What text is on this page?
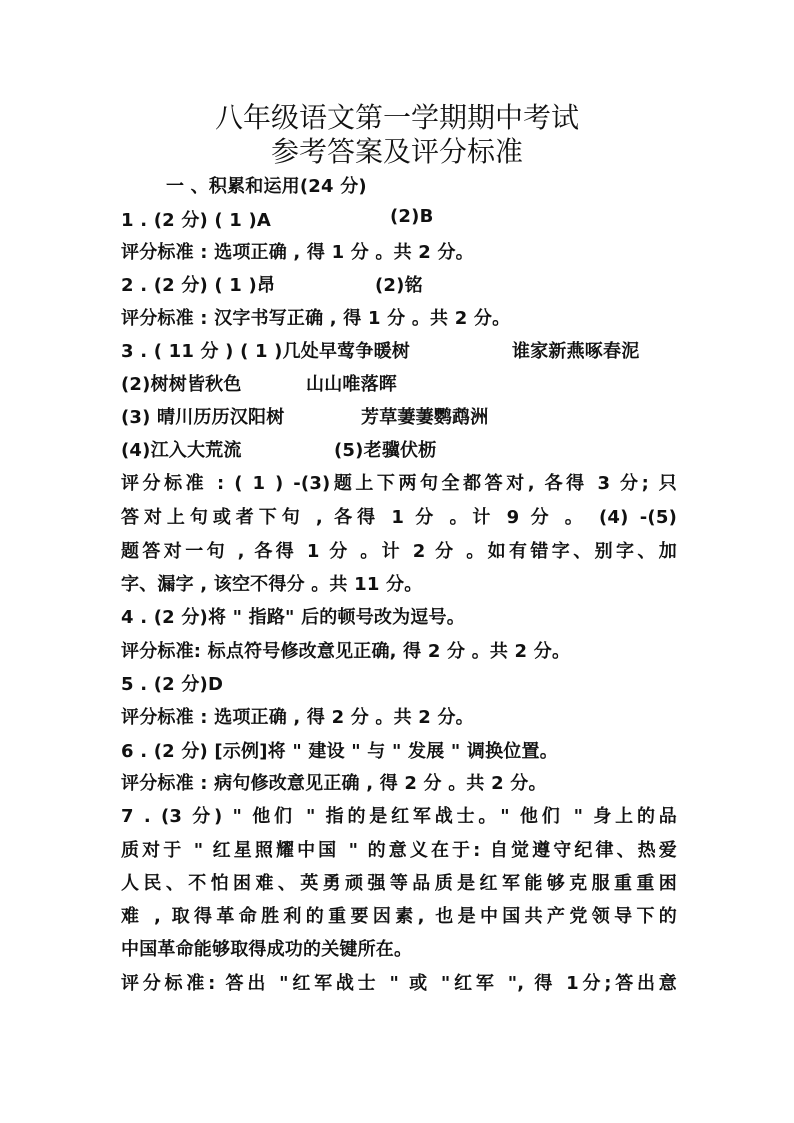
八年级语文第一学期期中考试
参考答案及评分标准
一 、积累和运用(24 分)
1 . (2 分) ( 1 )A	(2)B
评分标准 : 选项正确 , 得 1 分 。共 2 分。
2 . (2 分) ( 1 )昂	(2)铭
评分标准 : 汉字书写正确 , 得 1 分 。共 2 分。
3 . ( 11 分 ) ( 1 )几处早莺争暖树	谁家新燕啄春泥
(2)树树皆秋色	山山唯落晖
(3) 晴川历历汉阳树	芳草萋萋鹦鹉洲
(4)江入大荒流	(5)老骥伏枥
评分标准 : ( 1 ) -(3)题上下两句全都答对, 各得 3 分; 只
答对上句或者下句 , 各得 1 分 。计 9 分 。 (4) -(5)
题答对一句 , 各得 1 分 。计 2 分 。如有错字、别字、加
字、漏字 , 该空不得分 。共 11 分。
4 . (2 分)将 " 指路" 后的顿号改为逗号。
评分标准: 标点符号修改意见正确, 得 2 分 。共 2 分。
5 . (2 分)D
评分标准 : 选项正确 , 得 2 分 。共 2 分。
6 . (2 分) [示例]将 " 建设 " 与 " 发展 " 调换位置。
评分标准 : 病句修改意见正确 , 得 2 分 。共 2 分。
7 . (3 分) " 他们 " 指的是红军战士。" 他们 " 身上的品
质对于 " 红星照耀中国 " 的意义在于: 自觉遵守纪律、热爱
人民、不怕困难、英勇顽强等品质是红军能够克服重重困
难 , 取得革命胜利的重要因素, 也是中国共产党领导下的
中国革命能够取得成功的关键所在。
评分标准: 答出 "红军战士 " 或 "红军 ", 得 1分;答出意
